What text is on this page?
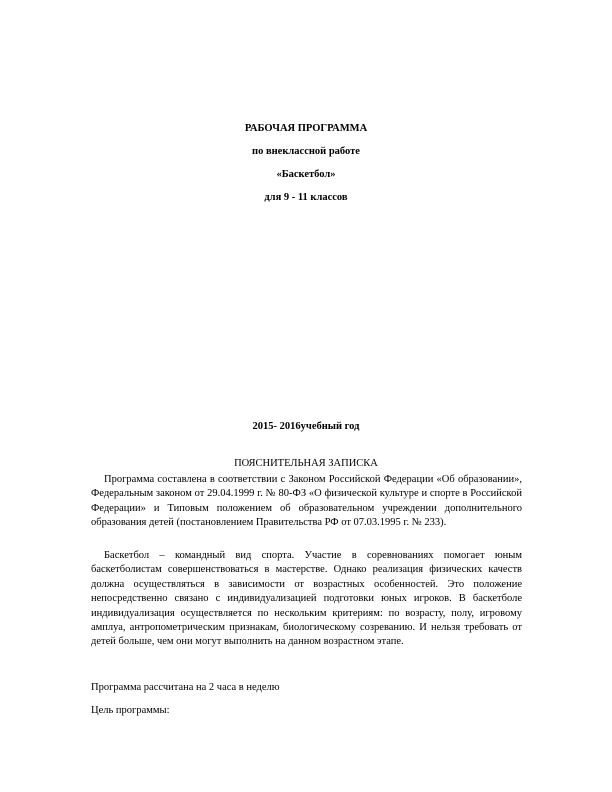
РАБОЧАЯ ПРОГРАММА
по внеклассной работе
«Баскетбол»
для 9 - 11 классов
2015- 2016учебный год
ПОЯСНИТЕЛЬНАЯ ЗАПИСКА

Программа составлена в соответствии с Законом Российской Федерации «Об образовании», Федеральным законом от 29.04.1999 г. № 80-ФЗ «О физической культуре и спорте в Российской Федерации» и Типовым положением об образовательном учреждении дополнительного образования детей (постановлением Правительства РФ от 07.03.1995 г. № 233).

Баскетбол – командный вид спорта. Участие в соревнованиях помогает юным баскетболистам совершенствоваться в мастерстве. Однако реализация физических качеств должна осуществляться в зависимости от возрастных особенностей. Это положение непосредственно связано с индивидуализацией подготовки юных игроков. В баскетболе индивидуализация осуществляется по нескольким критериям: по возрасту, полу, игровому амплуа, антропометрическим признакам, биологическому созреванию. И нельзя требовать от детей больше, чем они могут выполнить на данном возрастном этапе.

Программа рассчитана на 2 часа в неделю

Цель программы:
